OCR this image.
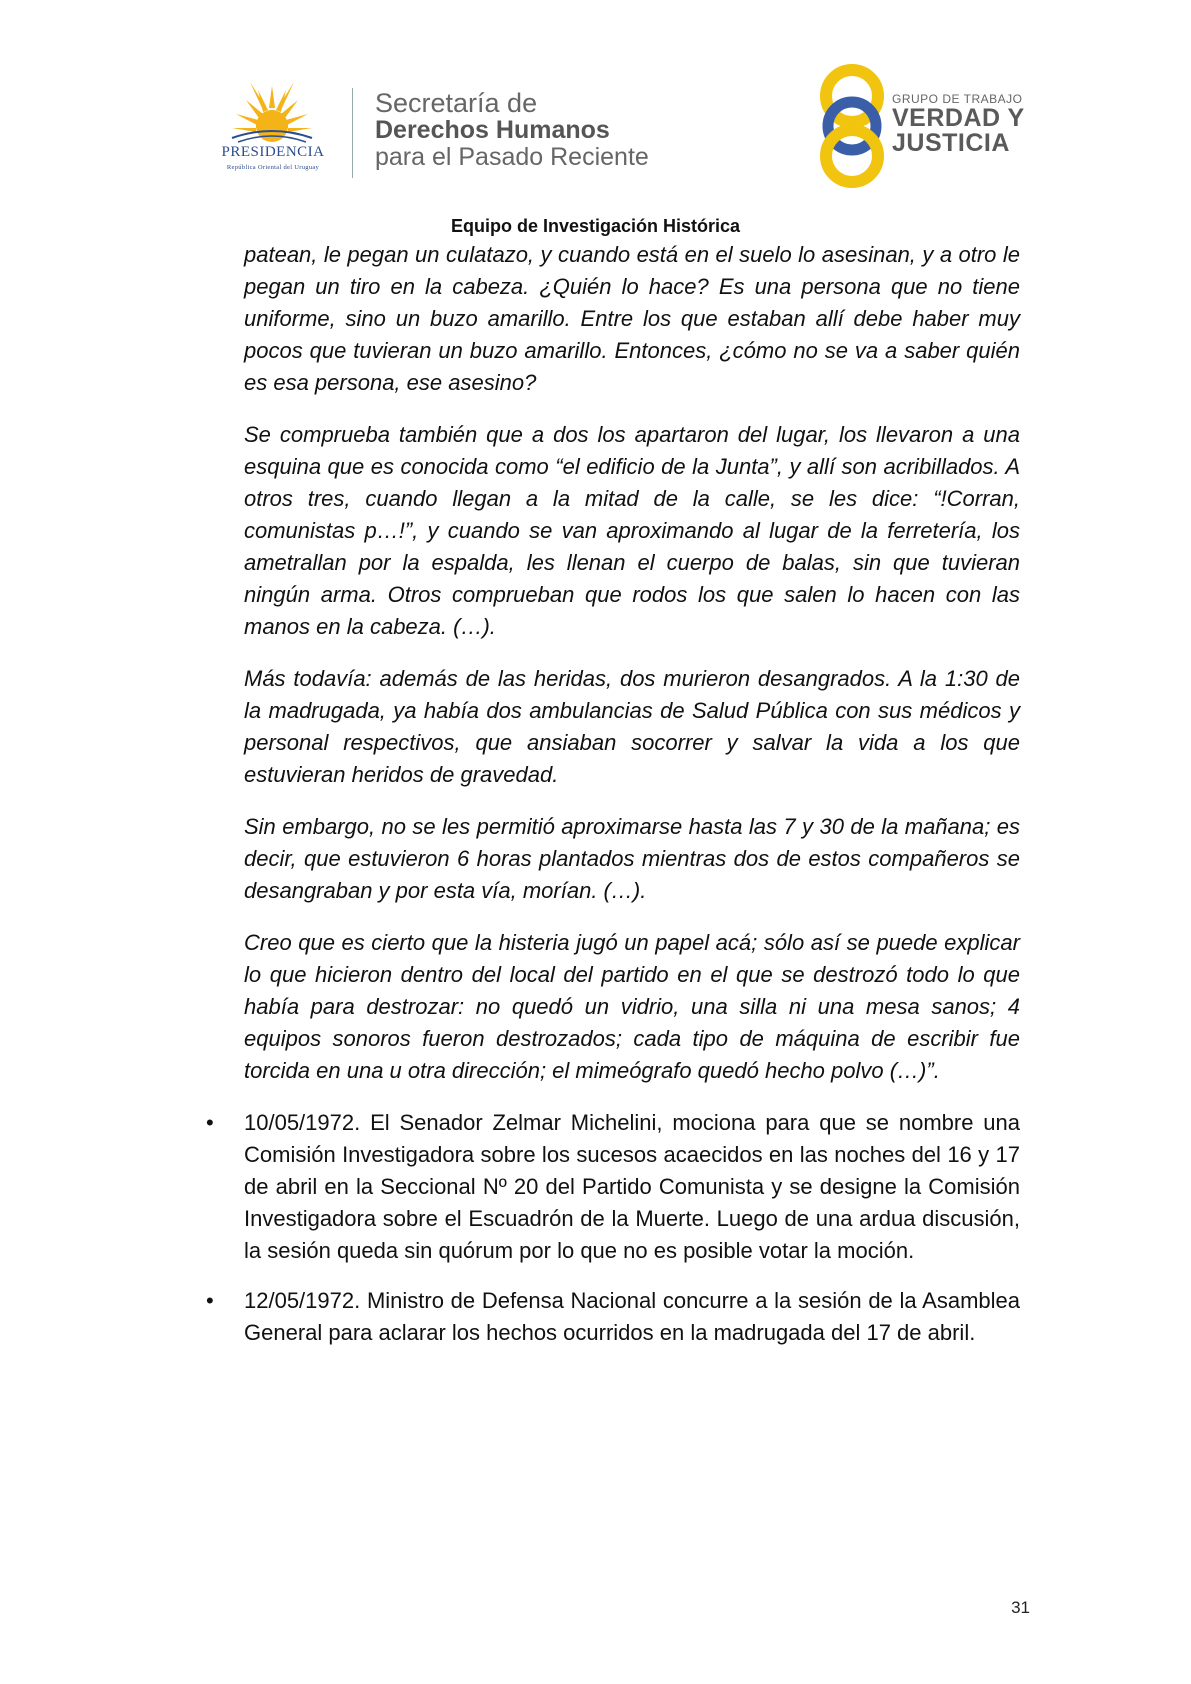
PRESIDENCIA
República Oriental del Uruguay
Secretaría de
Derechos Humanos
para el Pasado Reciente
GRUPO DE TRABAJO
VERDAD Y
JUSTICIA
Equipo de Investigación Histórica

patean, le pegan un culatazo, y cuando está en el suelo lo asesinan, y a otro le pegan un tiro en la cabeza. ¿Quién lo hace? Es una persona que no tiene uniforme, sino un buzo amarillo. Entre los que estaban allí debe haber muy pocos que tuvieran un buzo amarillo. Entonces, ¿cómo no se va a saber quién es esa persona, ese asesino?

Se comprueba también que a dos los apartaron del lugar, los llevaron a una esquina que es conocida como “el edificio de la Junta”, y allí son acribillados. A otros tres, cuando llegan a la mitad de la calle, se les dice: “!Corran, comunistas p…!”, y cuando se van aproximando al lugar de la ferretería, los ametrallan por la espalda, les llenan el cuerpo de balas, sin que tuvieran ningún arma. Otros comprueban que rodos los que salen lo hacen con las manos en la cabeza. (…).

Más todavía: además de las heridas, dos murieron desangrados. A la 1:30 de la madrugada, ya había dos ambulancias de Salud Pública con sus médicos y personal respectivos, que ansiaban socorrer y salvar la vida a los que estuvieran heridos de gravedad.

Sin embargo, no se les permitió aproximarse hasta las 7 y 30 de la mañana; es decir, que estuvieron 6 horas plantados mientras dos de estos compañeros se desangraban y por esta vía, morían. (…).

Creo que es cierto que la histeria jugó un papel acá; sólo así se puede explicar lo que hicieron dentro del local del partido en el que se destrozó todo lo que había para destrozar: no quedó un vidrio, una silla ni una mesa sanos; 4 equipos sonoros fueron destrozados; cada tipo de máquina de escribir fue torcida en una u otra dirección; el mimeógrafo quedó hecho polvo (…)”.

• 10/05/1972. El Senador Zelmar Michelini, mociona para que se nombre una Comisión Investigadora sobre los sucesos acaecidos en las noches del 16 y 17 de abril en la Seccional Nº 20 del Partido Comunista y se designe la Comisión Investigadora sobre el Escuadrón de la Muerte. Luego de una ardua discusión, la sesión queda sin quórum por lo que no es posible votar la moción.
• 12/05/1972. Ministro de Defensa Nacional concurre a la sesión de la Asamblea General para aclarar los hechos ocurridos en la madrugada del 17 de abril.
31
